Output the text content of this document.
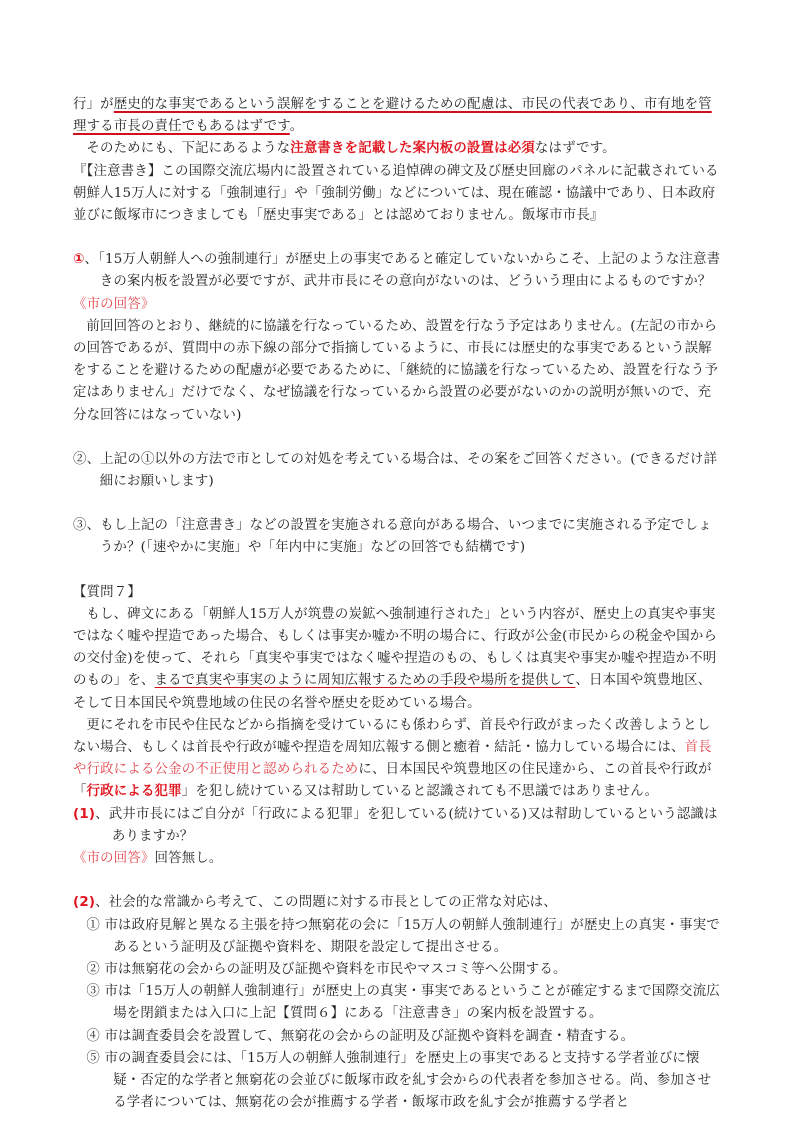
行」が歴史的な事実であるという誤解をすることを避けるための配慮は、市民の代表であり、市有地を管理する市長の責任でもあるはずです。

そのためにも、下記にあるような注意書きを記載した案内板の設置は必須なはずです。

『【注意書き】この国際交流広場内に設置されている追悼碑の碑文及び歴史回廊のパネルに記載されている朝鮮人15万人に対する「強制連行」や「強制労働」などについては、現在確認・協議中であり、日本政府並びに飯塚市につきましても「歴史事実である」とは認めておりません。飯塚市市長』

①、「15万人朝鮮人への強制連行」が歴史上の事実であると確定していないからこそ、上記のような注意書きの案内板を設置が必要ですが、武井市長にその意向がないのは、どういう理由によるものですか？

《市の回答》

前回回答のとおり、継続的に協議を行なっているため、設置を行なう予定はありません。(左記の市からの回答であるが、質問中の赤下線の部分で指摘しているように、市長には歴史的な事実であるという誤解をすることを避けるための配慮が必要であるために、「継続的に協議を行なっているため、設置を行なう予定はありません」だけでなく、なぜ協議を行なっているから設置の必要がないのかの説明が無いので、充分な回答にはなっていない)

②、上記の①以外の方法で市としての対処を考えている場合は、その案をご回答ください。(できるだけ詳細にお願いします)

③、もし上記の「注意書き」などの設置を実施される意向がある場合、いつまでに実施される予定でしょうか？(「速やかに実施」や「年内中に実施」などの回答でも結構です)

【質問７】

もし、碑文にある「朝鮮人15万人が筑豊の炭鉱へ強制連行された」という内容が、歴史上の真実や事実ではなく嘘や捏造であった場合、もしくは事実か嘘か不明の場合に、行政が公金(市民からの税金や国からの交付金)を使って、それら「真実や事実ではなく嘘や捏造のもの、もしくは真実や事実か嘘や捏造か不明のもの」を、まるで真実や事実のように周知広報するための手段や場所を提供して、日本国や筑豊地区、そして日本国民や筑豊地域の住民の名誉や歴史を貶めている場合。

更にそれを市民や住民などから指摘を受けているにも係わらず、首長や行政がまったく改善しようとしない場合、もしくは首長や行政が嘘や捏造を周知広報する側と癒着・結託・協力している場合には、首長や行政による公金の不正使用と認められるために、日本国民や筑豊地区の住民達から、この首長や行政が「行政による犯罪」を犯し続けている又は幇助していると認識されても不思議ではありません。

(1)、武井市長にはご自分が「行政による犯罪」を犯している(続けている)又は幇助しているという認識はありますか？

《市の回答》回答無し。

(2)、社会的な常識から考えて、この問題に対する市長としての正常な対応は、

① 市は政府見解と異なる主張を持つ無窮花の会に「15万人の朝鮮人強制連行」が歴史上の真実・事実であるという証明及び証拠や資料を、期限を設定して提出させる。

② 市は無窮花の会からの証明及び証拠や資料を市民やマスコミ等へ公開する。

③ 市は「15万人の朝鮮人強制連行」が歴史上の真実・事実であるということが確定するまで国際交流広場を閉鎖または入口に上記【質問６】にある「注意書き」の案内板を設置する。

④ 市は調査委員会を設置して、無窮花の会からの証明及び証拠や資料を調査・精査する。

⑤ 市の調査委員会には、「15万人の朝鮮人強制連行」を歴史上の事実であると支持する学者並びに懐疑・否定的な学者と無窮花の会並びに飯塚市政を糺す会からの代表者を参加させる。尚、参加させる学者については、無窮花の会が推薦する学者・飯塚市政を糺す会が推薦する学者と
